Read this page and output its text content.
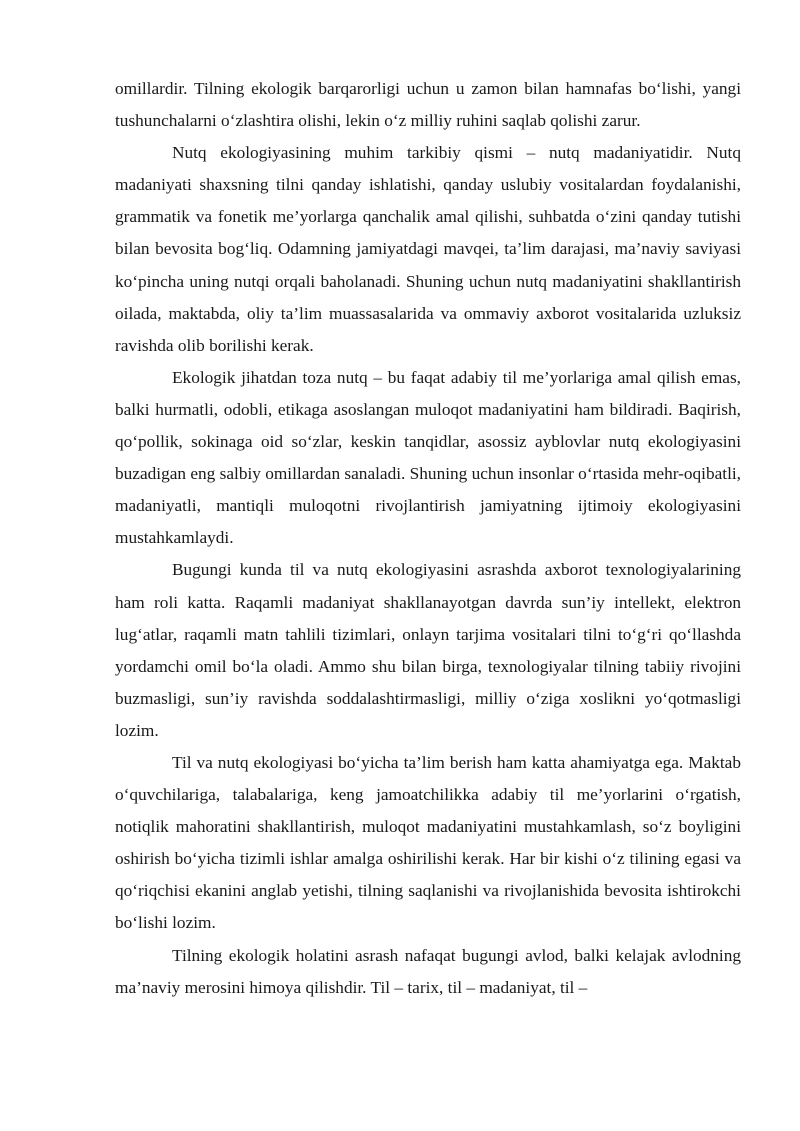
omillardir. Tilning ekologik barqarorligi uchun u zamon bilan hamnafas bo‘lishi, yangi tushunchalarni o‘zlashtira olishi, lekin o‘z milliy ruhini saqlab qolishi zarur.

Nutq ekologiyasining muhim tarkibiy qismi – nutq madaniyatidir. Nutq madaniyati shaxsning tilni qanday ishlatishi, qanday uslubiy vositalardan foydalanishi, grammatik va fonetik me’yorlarga qanchalik amal qilishi, suhbatda o‘zini qanday tutishi bilan bevosita bog‘liq. Odamning jamiyatdagi mavqei, ta’lim darajasi, ma’naviy saviyasi ko‘pincha uning nutqi orqali baholanadi. Shuning uchun nutq madaniyatini shakllantirish oilada, maktabda, oliy ta’lim muassasalarida va ommaviy axborot vositalarida uzluksiz ravishda olib borilishi kerak.

Ekologik jihatdan toza nutq – bu faqat adabiy til me’yorlariga amal qilish emas, balki hurmatli, odobli, etikaga asoslangan muloqot madaniyatini ham bildiradi. Baqirish, qo‘pollik, sokinaga oid so‘zlar, keskin tanqidlar, asossiz ayblovlar nutq ekologiyasini buzadigan eng salbiy omillardan sanaladi. Shuning uchun insonlar o‘rtasida mehr-oqibatli, madaniyatli, mantiqli muloqotni rivojlantirish jamiyatning ijtimoiy ekologiyasini mustahkamlaydi.

Bugungi kunda til va nutq ekologiyasini asrashda axborot texnologiyalarining ham roli katta. Raqamli madaniyat shakllanayotgan davrda sun’iy intellekt, elektron lug‘atlar, raqamli matn tahlili tizimlari, onlayn tarjima vositalari tilni to‘g‘ri qo‘llashda yordamchi omil bo‘la oladi. Ammo shu bilan birga, texnologiyalar tilning tabiiy rivojini buzmasligi, sun’iy ravishda soddalashtirmasligi, milliy o‘ziga xoslikni yo‘qotmasligi lozim.

Til va nutq ekologiyasi bo‘yicha ta’lim berish ham katta ahamiyatga ega. Maktab o‘quvchilariga, talabalariga, keng jamoatchilikka adabiy til me’yorlarini o‘rgatish, notiqlik mahoratini shakllantirish, muloqot madaniyatini mustahkamlash, so‘z boyligini oshirish bo‘yicha tizimli ishlar amalga oshirilishi kerak. Har bir kishi o‘z tilining egasi va qo‘riqchisi ekanini anglab yetishi, tilning saqlanishi va rivojlanishida bevosita ishtirokchi bo‘lishi lozim.

Tilning ekologik holatini asrash nafaqat bugungi avlod, balki kelajak avlodning ma’naviy merosini himoya qilishdir. Til – tarix, til – madaniyat, til –
